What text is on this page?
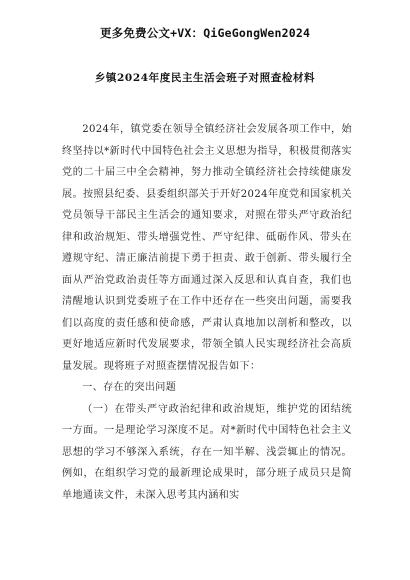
更多免费公文+VX：QiGeGongWen2024
乡镇2024年度民主生活会班子对照查检材料

2024年，镇党委在领导全镇经济社会发展各项工作中，始终坚持以*新时代中国特色社会主义思想为指导，积极贯彻落实党的二十届三中全会精神，努力推动全镇经济社会持续健康发展。按照县纪委、县委组织部关于开好2024年度党和国家机关党员领导干部民主生活会的通知要求，对照在带头严守政治纪律和政治规矩、带头增强党性、严守纪律、砥砺作风、带头在遵规守纪、清正廉洁前提下勇于担责、敢于创新、带头履行全面从严治党政治责任等方面通过深入反思和认真自查，我们也清醒地认识到党委班子在工作中还存在一些突出问题，需要我们以高度的责任感和使命感，严肃认真地加以剖析和整改，以更好地适应新时代发展要求，带领全镇人民实现经济社会高质量发展。现将班子对照查摆情况报告如下：

一、存在的突出问题

（一）在带头严守政治纪律和政治规矩，维护党的团结统一方面。一是理论学习深度不足。对*新时代中国特色社会主义思想的学习不够深入系统，存在一知半解、浅尝辄止的情况。例如，在组织学习党的最新理论成果时，部分班子成员只是简单地通读文件，未深入思考其内涵和实
